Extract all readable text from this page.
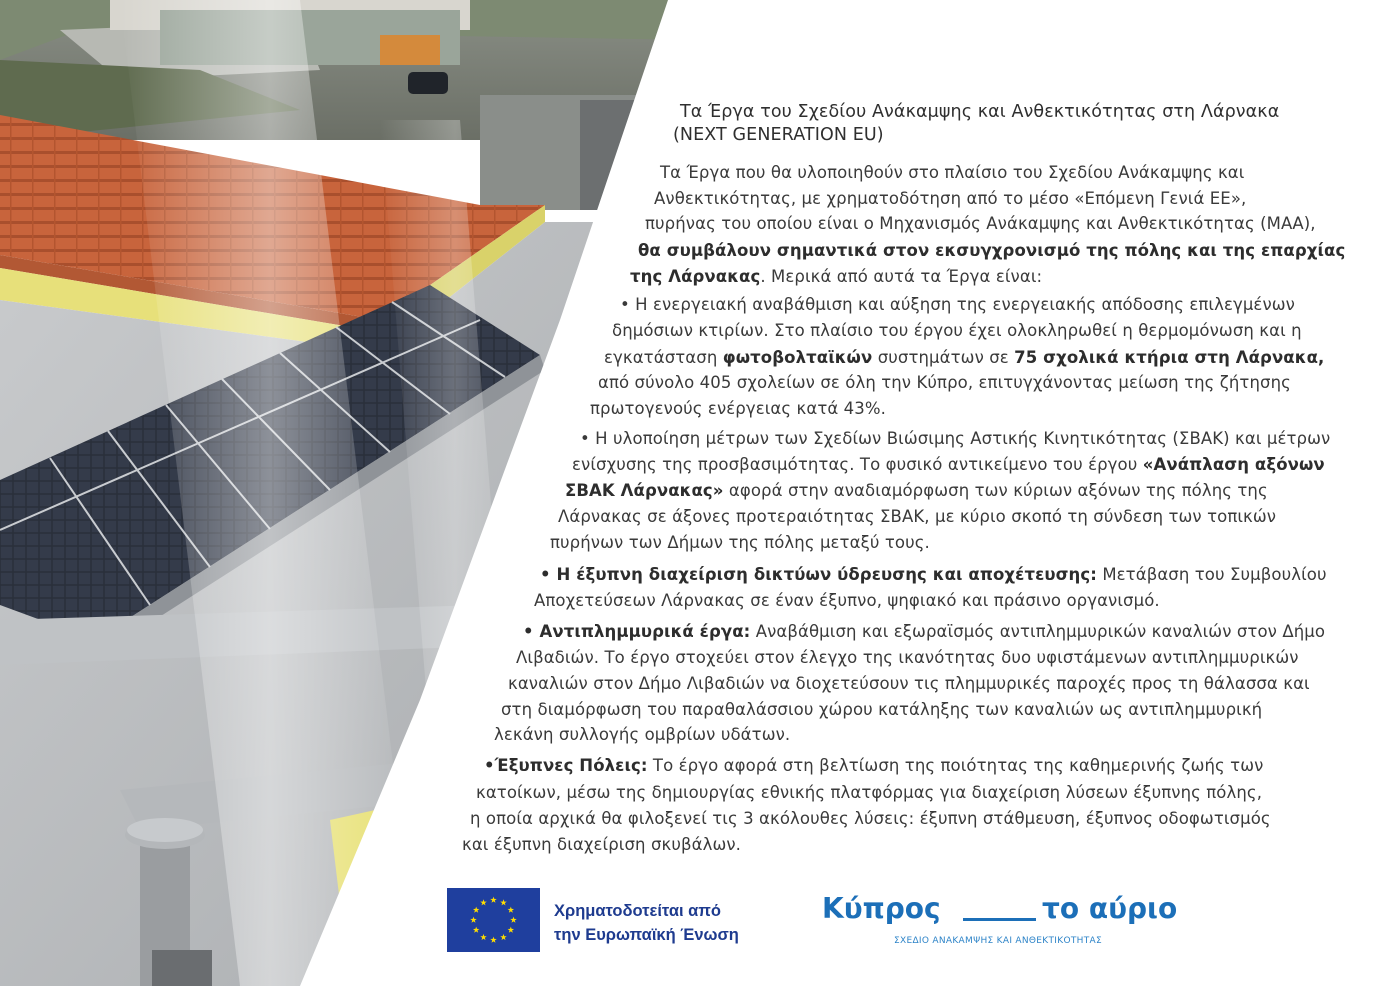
Τα Έργα του Σχεδίου Ανάκαμψης και Ανθεκτικότητας στη Λάρνακα
(NEXT GENERATION EU)
Τα Έργα που θα υλοποιηθούν στο πλαίσιο του Σχεδίου Ανάκαμψης και
Ανθεκτικότητας, με χρηματοδότηση από το μέσο «Επόμενη Γενιά ΕΕ»,
πυρήνας του οποίου είναι ο Μηχανισμός Ανάκαμψης και Ανθεκτικότητας (ΜΑΑ),
θα συμβάλουν σημαντικά στον εκσυγχρονισμό της πόλης και της επαρχίας
της Λάρνακας. Μερικά από αυτά τα Έργα είναι:
• Η ενεργειακή αναβάθμιση και αύξηση της ενεργειακής απόδοσης επιλεγμένων
δημόσιων κτιρίων. Στο πλαίσιο του έργου έχει ολοκληρωθεί η θερμομόνωση και η
εγκατάσταση φωτοβολταϊκών συστημάτων σε 75 σχολικά κτήρια στη Λάρνακα,
από σύνολο 405 σχολείων σε όλη την Κύπρο, επιτυγχάνοντας μείωση της ζήτησης
πρωτογενούς ενέργειας κατά 43%.
• Η υλοποίηση μέτρων των Σχεδίων Βιώσιμης Αστικής Κινητικότητας (ΣΒΑΚ) και μέτρων
ενίσχυσης της προσβασιμότητας. Το φυσικό αντικείμενο του έργου «Ανάπλαση αξόνων
ΣΒΑΚ Λάρνακας» αφορά στην αναδιαμόρφωση των κύριων αξόνων της πόλης της
Λάρνακας σε άξονες προτεραιότητας ΣΒΑΚ, με κύριο σκοπό τη σύνδεση των τοπικών
πυρήνων των Δήμων της πόλης μεταξύ τους.
• Η έξυπνη διαχείριση δικτύων ύδρευσης και αποχέτευσης: Μετάβαση του Συμβουλίου
Αποχετεύσεων Λάρνακας σε έναν έξυπνο, ψηφιακό και πράσινο οργανισμό.
• Αντιπλημμυρικά έργα: Αναβάθμιση και εξωραϊσμός αντιπλημμυρικών καναλιών στον Δήμο
Λιβαδιών. Το έργο στοχεύει στον έλεγχο της ικανότητας δυο υφιστάμενων αντιπλημμυρικών
καναλιών στον Δήμο Λιβαδιών να διοχετεύσουν τις πλημμυρικές παροχές προς τη θάλασσα και
στη διαμόρφωση του παραθαλάσσιου χώρου κατάληξης των καναλιών ως αντιπλημμυρική
λεκάνη συλλογής ομβρίων υδάτων.
•Έξυπνες Πόλεις: Το έργο αφορά στη βελτίωση της ποιότητας της καθημερινής ζωής των
κατοίκων, μέσω της δημιουργίας εθνικής πλατφόρμας για διαχείριση λύσεων έξυπνης πόλης,
η οποία αρχικά θα φιλοξενεί τις 3 ακόλουθες λύσεις: έξυπνη στάθμευση, έξυπνος οδοφωτισμός
και έξυπνη διαχείριση σκυβάλων.
Χρηματοδοτείται από
την Ευρωπαϊκή Ένωση
Κύπρος	το αύριο
ΣΧΕΔΙΟ ΑΝΑΚΑΜΨΗΣ ΚΑΙ ΑΝΘΕΚΤΙΚΟΤΗΤΑΣ
